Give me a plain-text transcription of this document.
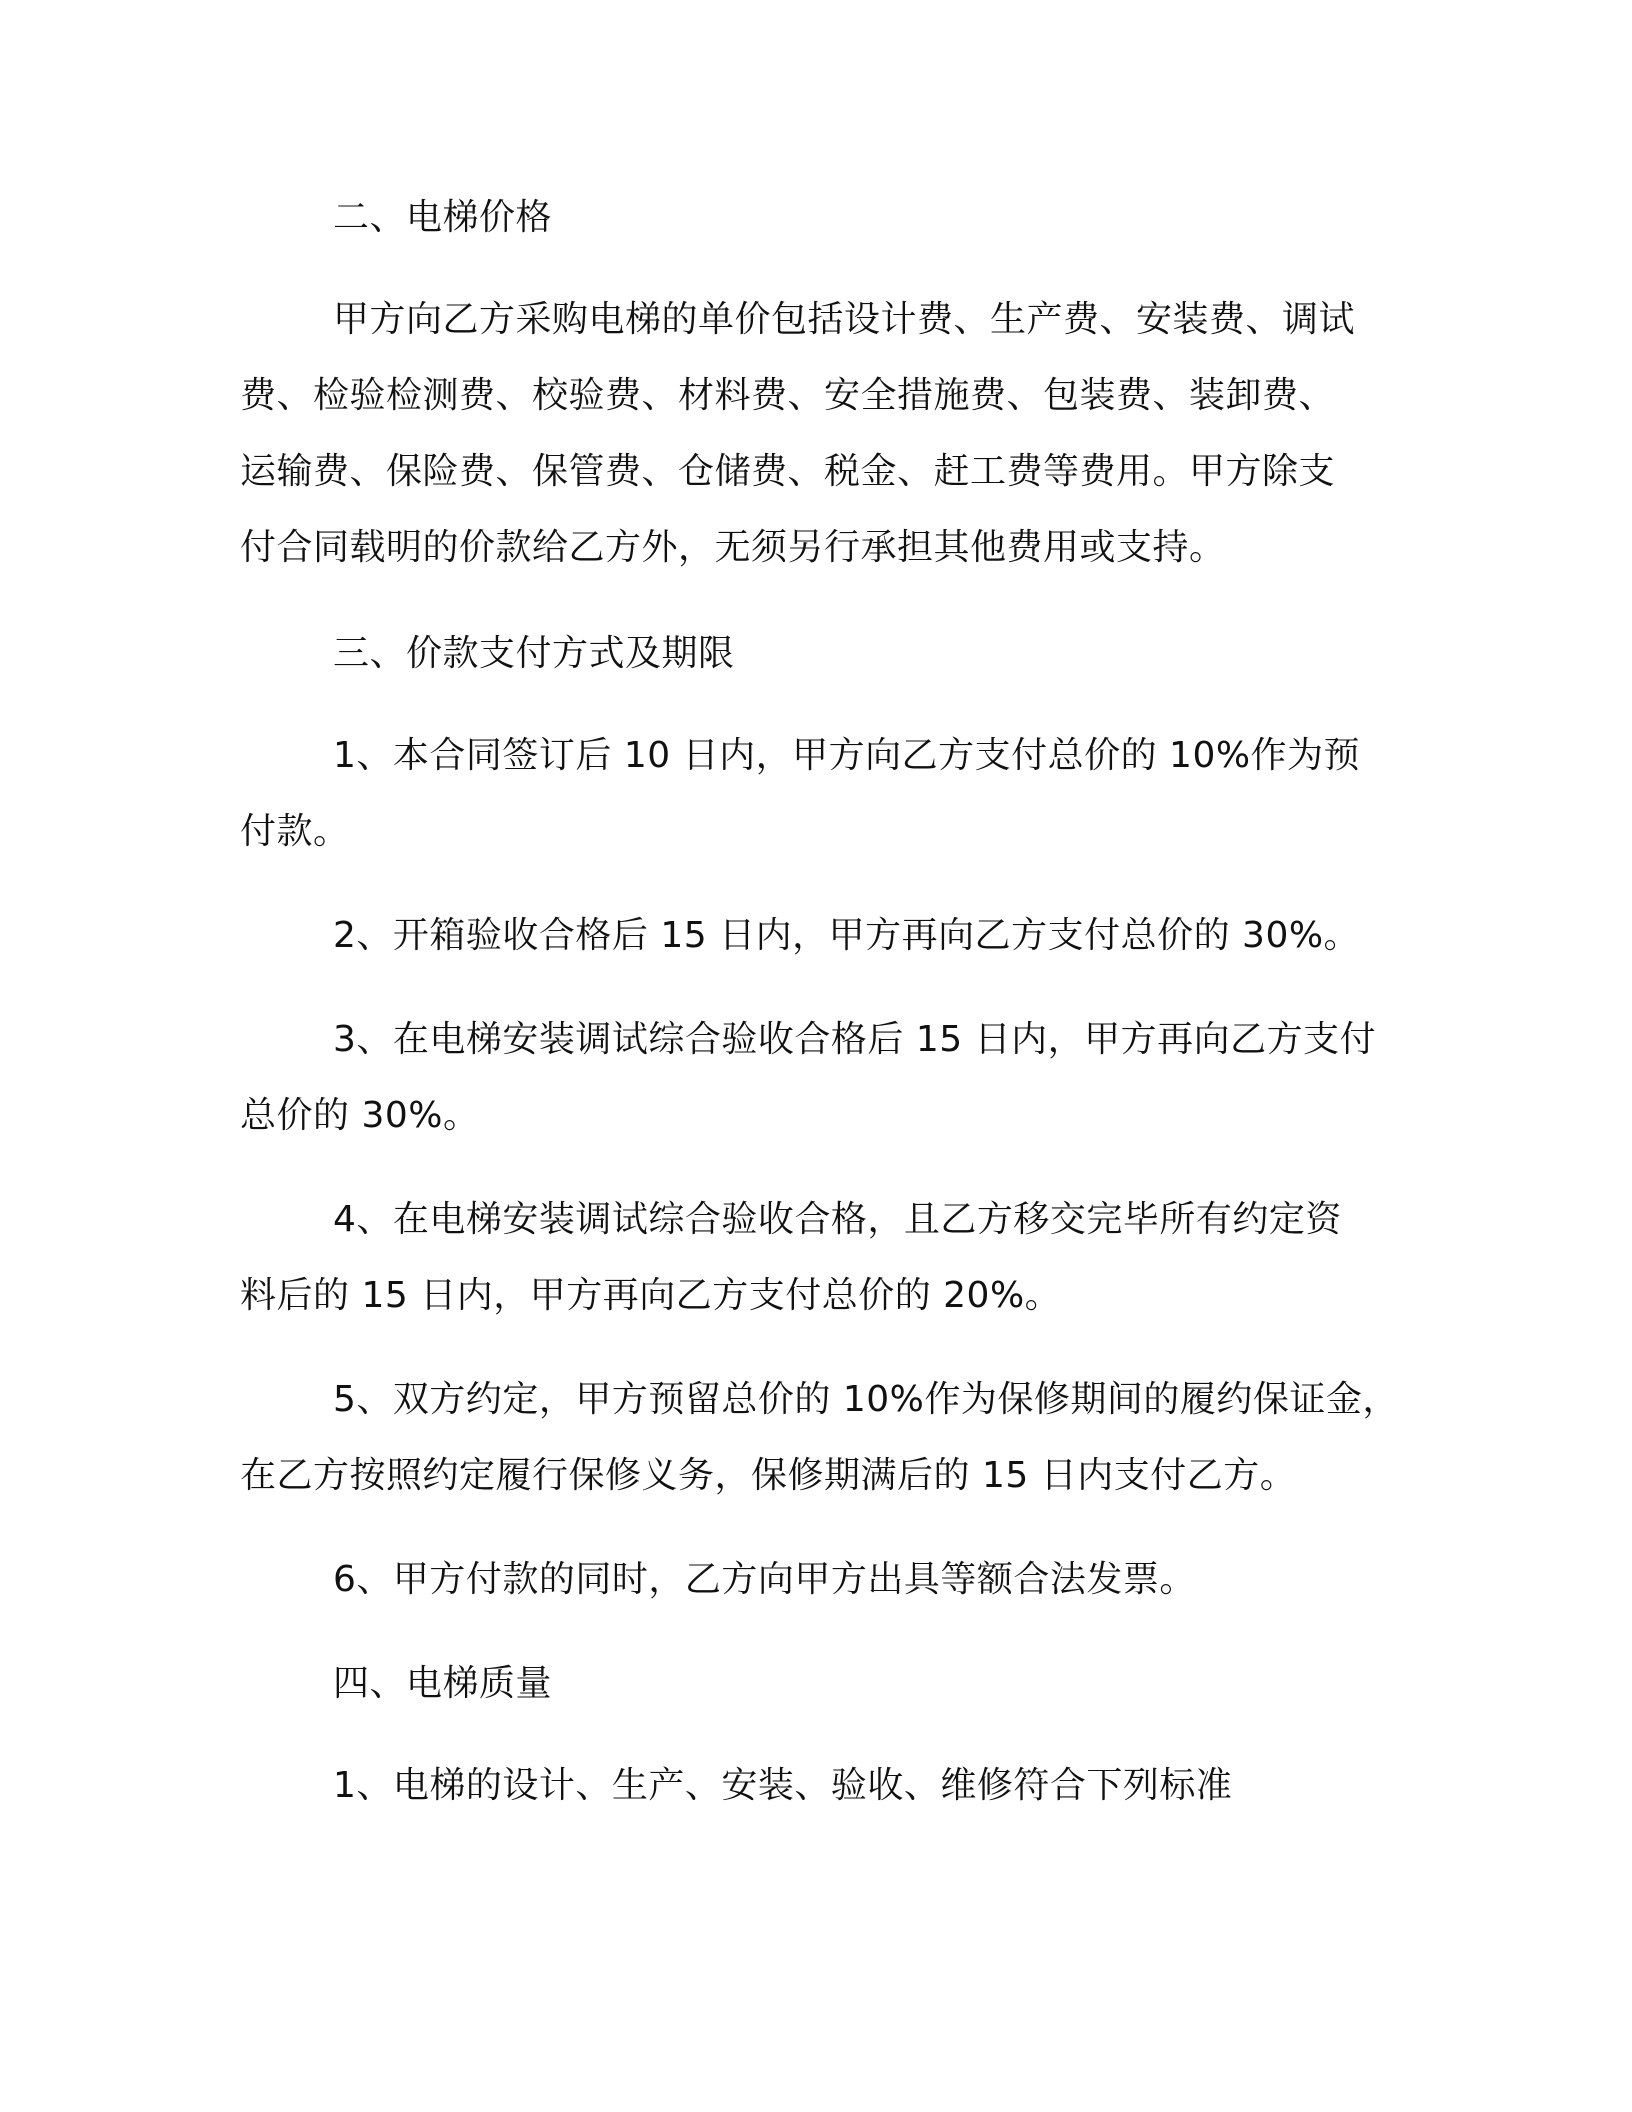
二、电梯价格
甲方向乙方采购电梯的单价包括设计费、生产费、安装费、调试
费、检验检测费、校验费、材料费、安全措施费、包装费、装卸费、
运输费、保险费、保管费、仓储费、税金、赶工费等费用。甲方除支
付合同载明的价款给乙方外，无须另行承担其他费用或支持。
三、价款支付方式及期限
1、本合同签订后 10 日内，甲方向乙方支付总价的 10%作为预
付款。
2、开箱验收合格后 15 日内，甲方再向乙方支付总价的 30%。
3、在电梯安装调试综合验收合格后 15 日内，甲方再向乙方支付
总价的 30%。
4、在电梯安装调试综合验收合格，且乙方移交完毕所有约定资
料后的 15 日内，甲方再向乙方支付总价的 20%。
5、双方约定，甲方预留总价的 10%作为保修期间的履约保证金，
在乙方按照约定履行保修义务，保修期满后的 15 日内支付乙方。
6、甲方付款的同时，乙方向甲方出具等额合法发票。
四、电梯质量
1、电梯的设计、生产、安装、验收、维修符合下列标准
